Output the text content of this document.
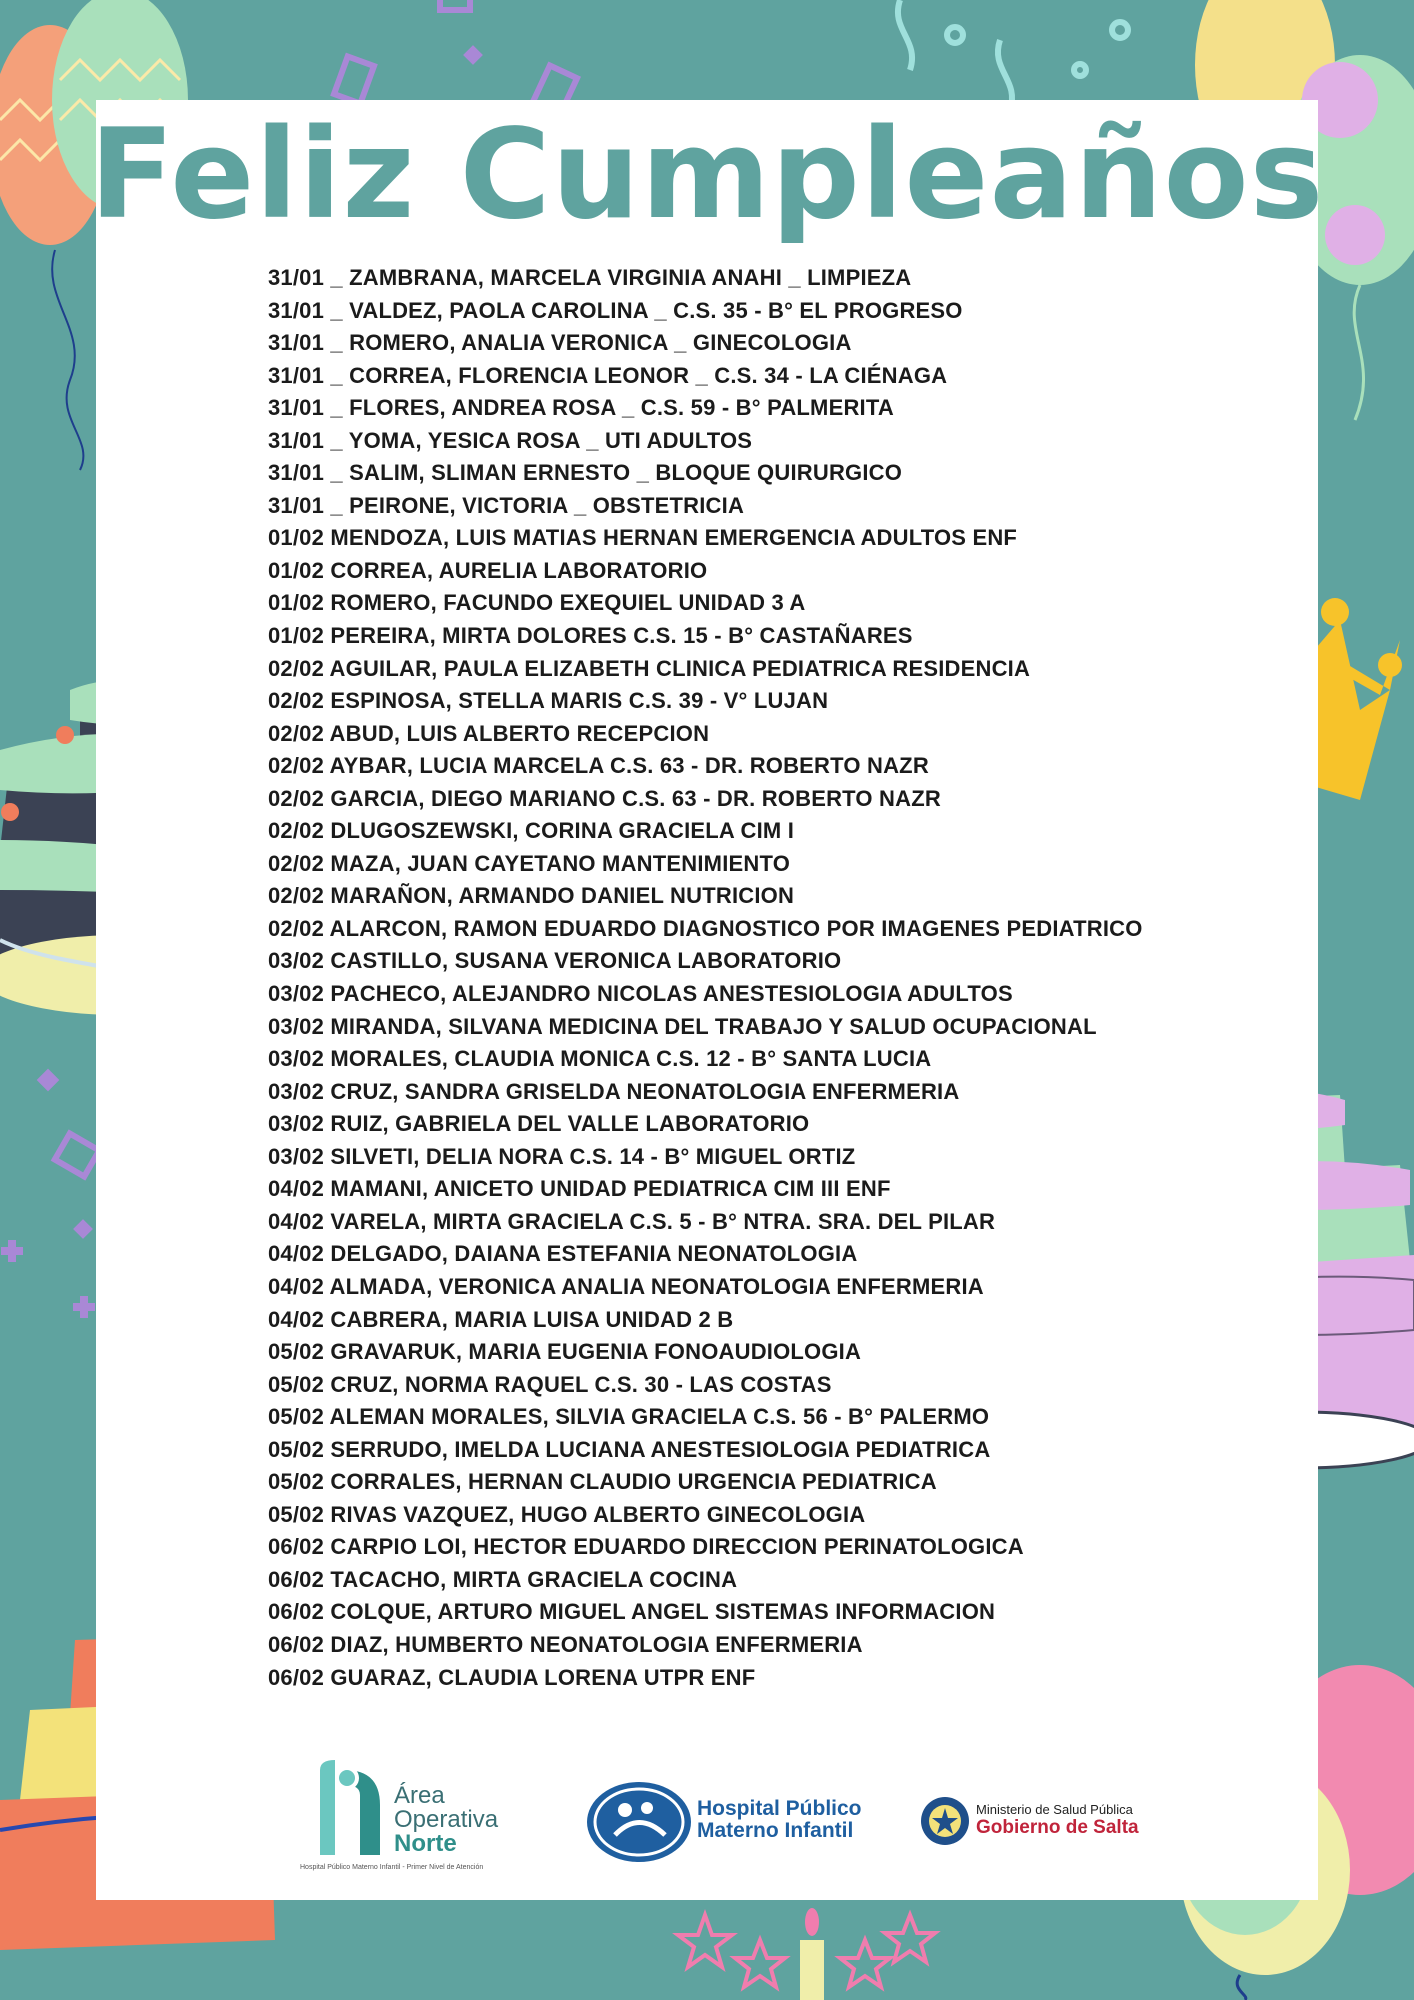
Feliz Cumpleaños
31/01 _ ZAMBRANA, MARCELA VIRGINIA ANAHI _ LIMPIEZA
31/01 _ VALDEZ, PAOLA CAROLINA _ C.S. 35 - B° EL PROGRESO
31/01 _ ROMERO, ANALIA VERONICA _ GINECOLOGIA
31/01 _ CORREA, FLORENCIA LEONOR _ C.S. 34 - LA CIÉNAGA
31/01 _ FLORES, ANDREA ROSA _ C.S. 59 - B° PALMERITA
31/01 _ YOMA, YESICA ROSA _ UTI ADULTOS
31/01 _ SALIM, SLIMAN ERNESTO _ BLOQUE QUIRURGICO
31/01 _ PEIRONE, VICTORIA _ OBSTETRICIA
01/02 MENDOZA, LUIS MATIAS HERNAN EMERGENCIA ADULTOS ENF
01/02 CORREA, AURELIA LABORATORIO
01/02 ROMERO, FACUNDO EXEQUIEL UNIDAD 3 A
01/02 PEREIRA, MIRTA DOLORES C.S. 15 - B° CASTAÑARES
02/02 AGUILAR, PAULA ELIZABETH CLINICA PEDIATRICA RESIDENCIA
02/02 ESPINOSA, STELLA MARIS C.S. 39 - V° LUJAN
02/02 ABUD, LUIS ALBERTO RECEPCION
02/02 AYBAR, LUCIA MARCELA C.S. 63 - DR. ROBERTO NAZR
02/02 GARCIA, DIEGO MARIANO C.S. 63 - DR. ROBERTO NAZR
02/02 DLUGOSZEWSKI, CORINA GRACIELA CIM I
02/02 MAZA, JUAN CAYETANO MANTENIMIENTO
02/02 MARAÑON, ARMANDO DANIEL NUTRICION
02/02 ALARCON, RAMON EDUARDO DIAGNOSTICO POR IMAGENES PEDIATRICO
03/02 CASTILLO, SUSANA VERONICA LABORATORIO
03/02 PACHECO, ALEJANDRO NICOLAS ANESTESIOLOGIA ADULTOS
03/02 MIRANDA, SILVANA MEDICINA DEL TRABAJO Y SALUD OCUPACIONAL
03/02 MORALES, CLAUDIA MONICA C.S. 12 - B° SANTA LUCIA
03/02 CRUZ, SANDRA GRISELDA NEONATOLOGIA ENFERMERIA
03/02 RUIZ, GABRIELA DEL VALLE LABORATORIO
03/02 SILVETI, DELIA NORA C.S. 14 - B° MIGUEL ORTIZ
04/02 MAMANI, ANICETO UNIDAD PEDIATRICA CIM III ENF
04/02 VARELA, MIRTA GRACIELA C.S. 5 - B° NTRA. SRA. DEL PILAR
04/02 DELGADO, DAIANA ESTEFANIA NEONATOLOGIA
04/02 ALMADA, VERONICA ANALIA NEONATOLOGIA ENFERMERIA
04/02 CABRERA, MARIA LUISA UNIDAD 2 B
05/02 GRAVARUK, MARIA EUGENIA FONOAUDIOLOGIA
05/02 CRUZ, NORMA RAQUEL C.S. 30 - LAS COSTAS
05/02 ALEMAN MORALES, SILVIA GRACIELA C.S. 56 - B° PALERMO
05/02 SERRUDO, IMELDA LUCIANA ANESTESIOLOGIA PEDIATRICA
05/02 CORRALES, HERNAN CLAUDIO URGENCIA PEDIATRICA
05/02 RIVAS VAZQUEZ, HUGO ALBERTO GINECOLOGIA
06/02 CARPIO LOI, HECTOR EDUARDO DIRECCION PERINATOLOGICA
06/02 TACACHO, MIRTA GRACIELA COCINA
06/02 COLQUE, ARTURO MIGUEL ANGEL SISTEMAS INFORMACION
06/02 DIAZ, HUMBERTO NEONATOLOGIA ENFERMERIA
06/02 GUARAZ, CLAUDIA LORENA UTPR ENF
Área
Operativa
Norte
Hospital Público Materno Infantil - Primer Nivel de Atención
Hospital Público
Materno Infantil
Ministerio de Salud Pública
Gobierno de Salta
